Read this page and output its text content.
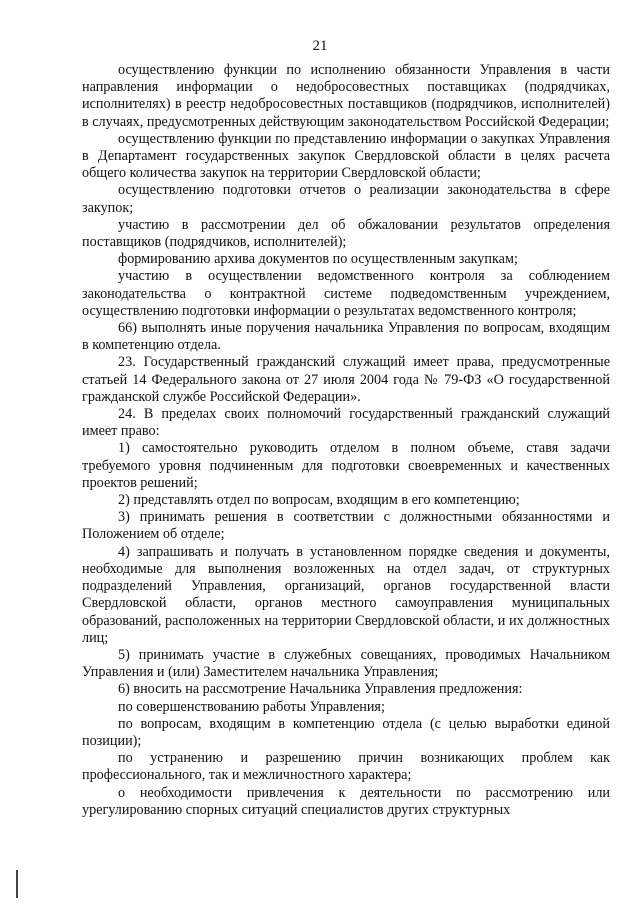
21

осуществлению функции по исполнению обязанности Управления в части направления информации о недобросовестных поставщиках (подрядчиках, исполнителях) в реестр недобросовестных поставщиков (подрядчиков, исполнителей) в случаях, предусмотренных действующим законодательством Российской Федерации;

осуществлению функции по представлению информации о закупках Управления в Департамент государственных закупок Свердловской области в целях расчета общего количества закупок на территории Свердловской области;

осуществлению подготовки отчетов о реализации законодательства в сфере закупок;

участию в рассмотрении дел об обжаловании результатов определения поставщиков (подрядчиков, исполнителей);

формированию архива документов по осуществленным закупкам;

участию в осуществлении ведомственного контроля за соблюдением законодательства о контрактной системе подведомственным учреждением, осуществлению подготовки информации о результатах ведомственного контроля;

66) выполнять иные поручения начальника Управления по вопросам, входящим в компетенцию отдела.

23. Государственный гражданский служащий имеет права, предусмотренные статьей 14 Федерального закона от 27 июля 2004 года № 79-ФЗ «О государственной гражданской службе Российской Федерации».

24. В пределах своих полномочий государственный гражданский служащий имеет право:

1) самостоятельно руководить отделом в полном объеме, ставя задачи требуемого уровня подчиненным для подготовки своевременных и качественных проектов решений;

2) представлять отдел по вопросам, входящим в его компетенцию;

3) принимать решения в соответствии с должностными обязанностями и Положением об отделе;

4) запрашивать и получать в установленном порядке сведения и документы, необходимые для выполнения возложенных на отдел задач, от структурных подразделений Управления, организаций, органов государственной власти Свердловской области, органов местного самоуправления муниципальных образований, расположенных на территории Свердловской области, и их должностных лиц;

5) принимать участие в служебных совещаниях, проводимых Начальником Управления и (или) Заместителем начальника Управления;

6) вносить на рассмотрение Начальника Управления предложения:

по совершенствованию работы Управления;

по вопросам, входящим в компетенцию отдела (с целью выработки единой позиции);

по устранению и разрешению причин возникающих проблем как профессионального, так и межличностного характера;

о необходимости привлечения к деятельности по рассмотрению или урегулированию спорных ситуаций специалистов других структурных
